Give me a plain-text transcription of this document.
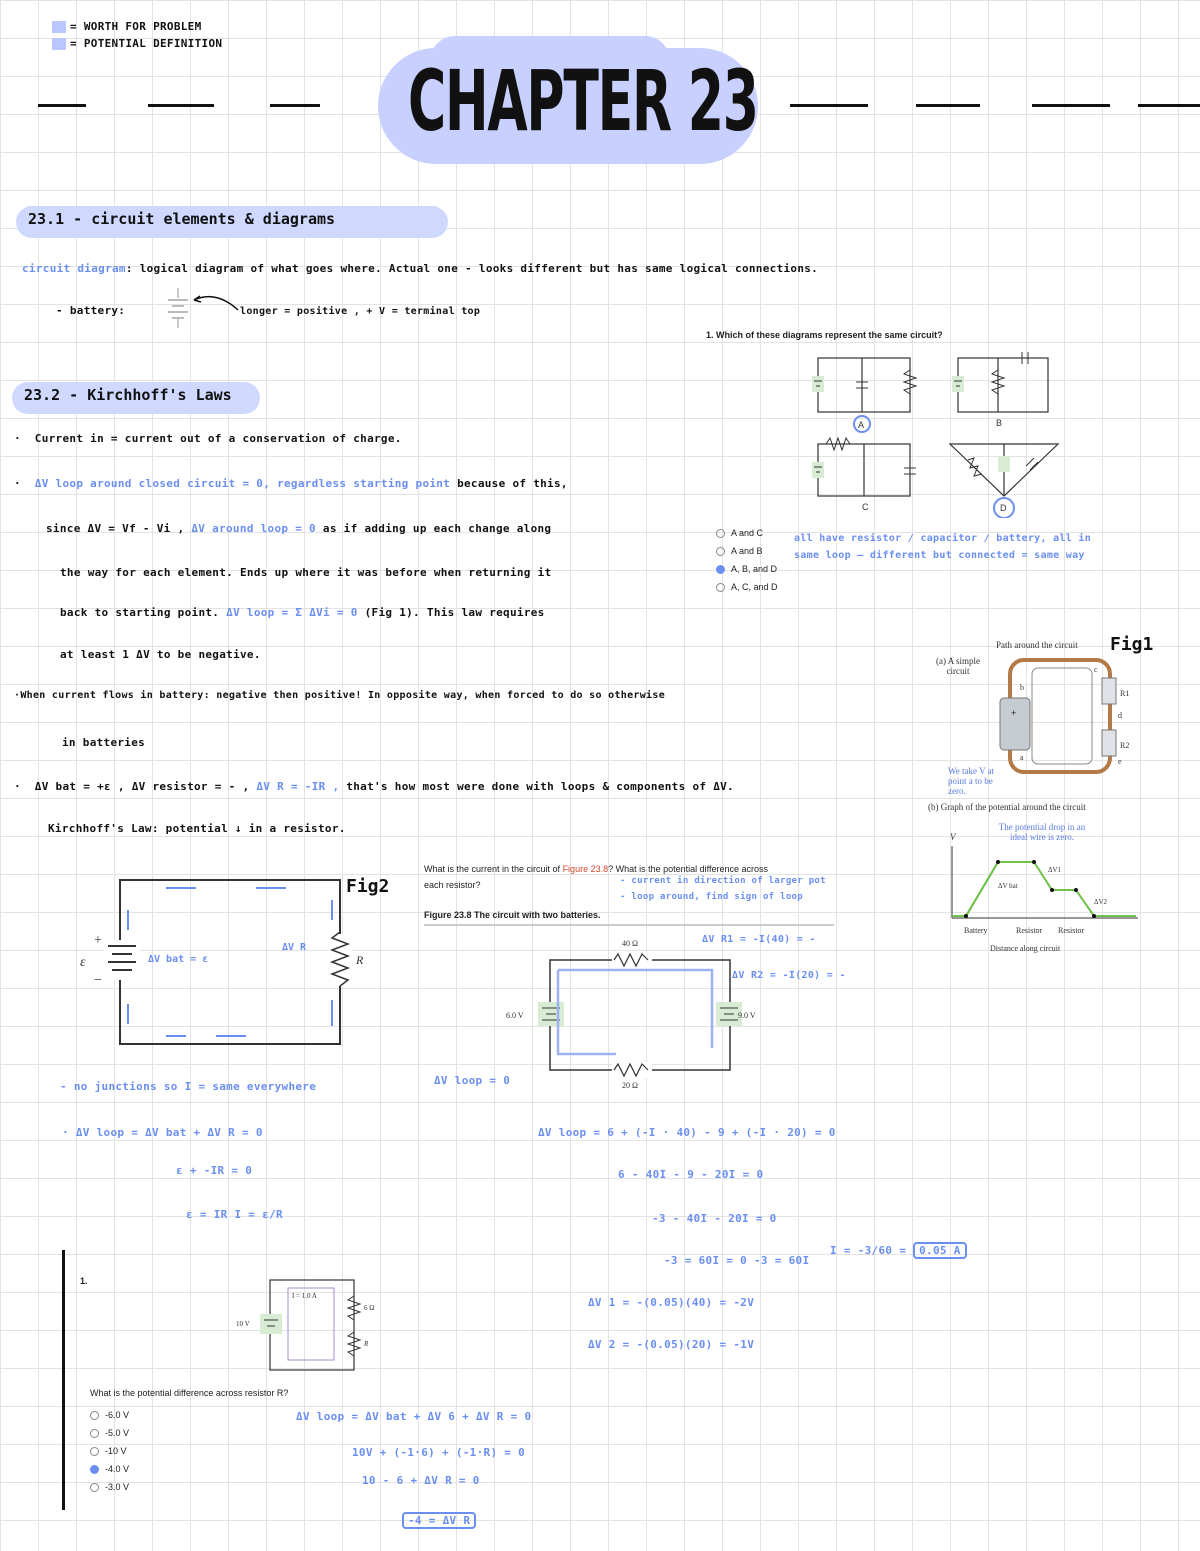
= WORTH FOR PROBLEM
= POTENTIAL DEFINITION
CHAPTER 23
23.1 - circuit elements & diagrams
circuit diagram: logical diagram of what goes where. Actual one - looks different but has same logical connections.
- battery:	longer = positive , + V = terminal top
23.2 - Kirchhoff's Laws
·  Current in = current out of a conservation of charge.
·  ΔV loop around closed circuit = 0, regardless starting point because of this,
since ΔV = Vf - Vi , ΔV around loop = 0 as if adding up each change along
the way for each element. Ends up where it was before when returning it
back to starting point. ΔV loop = Σ ΔVi = 0 (Fig 1). This law requires
at least 1 ΔV to be negative.
·When current flows in battery: negative then positive! In opposite way, when forced to do so otherwise
in batteries
·  ΔV bat = +ε , ΔV resistor = - , ΔV R = -IR , that's how most were done with loops & components of ΔV.
Kirchhoff's Law: potential ↓ in a resistor.
1. Which of these diagrams represent the same circuit?
A	B
C	D
A and C
A and B
A, B, and D
A, C, and D
all have resistor / capacitor / battery, all in same loop — different but connected = same way
Fig1
Path around the circuit
(a) A simple circuit
+
R1
R2
b
c
d
e
a
We take V at point a to be zero.
(b) Graph of the potential around the circuit
The potential drop in an ideal wire is zero.
V
ΔV bat
ΔV1
ΔV2
Battery	Resistor Resistor
Distance along circuit
Fig2
+
−
ε	R
ΔV bat = ε
ΔV R
- no junctions so I = same everywhere
· ΔV loop = ΔV bat + ΔV R = 0
ε + -IR = 0
ε = IR I = ε/R
What is the current in the circuit of Figure 23.8? What is the potential difference across
each resistor?	- current in direction of larger pot
- loop around, find sign of loop
Figure 23.8 The circuit with two batteries.
40 Ω
20 Ω
6.0 V	9.0 V
ΔV R1 = -I(40) = -
ΔV R2 = -I(20) = -
ΔV loop = 0
ΔV loop = 6 + (-I · 40) - 9 + (-I · 20) = 0
6 - 40I - 9 - 20I = 0
-3 - 40I - 20I = 0
-3 = 60I = 0 -3 = 60I
I = -3/60 = 0.05 A
ΔV 1 = -(0.05)(40) = -2V
ΔV 2 = -(0.05)(20) = -1V
1.
I = 1.0 A
10 V
6 Ω
R
What is the potential difference across resistor R?
-6.0 V
-5.0 V
-10 V
-4.0 V
-3.0 V
ΔV loop = ΔV bat + ΔV 6 + ΔV R = 0
10V + (-1·6) + (-1·R) = 0
10 - 6 + ΔV R = 0
-4 = ΔV R
